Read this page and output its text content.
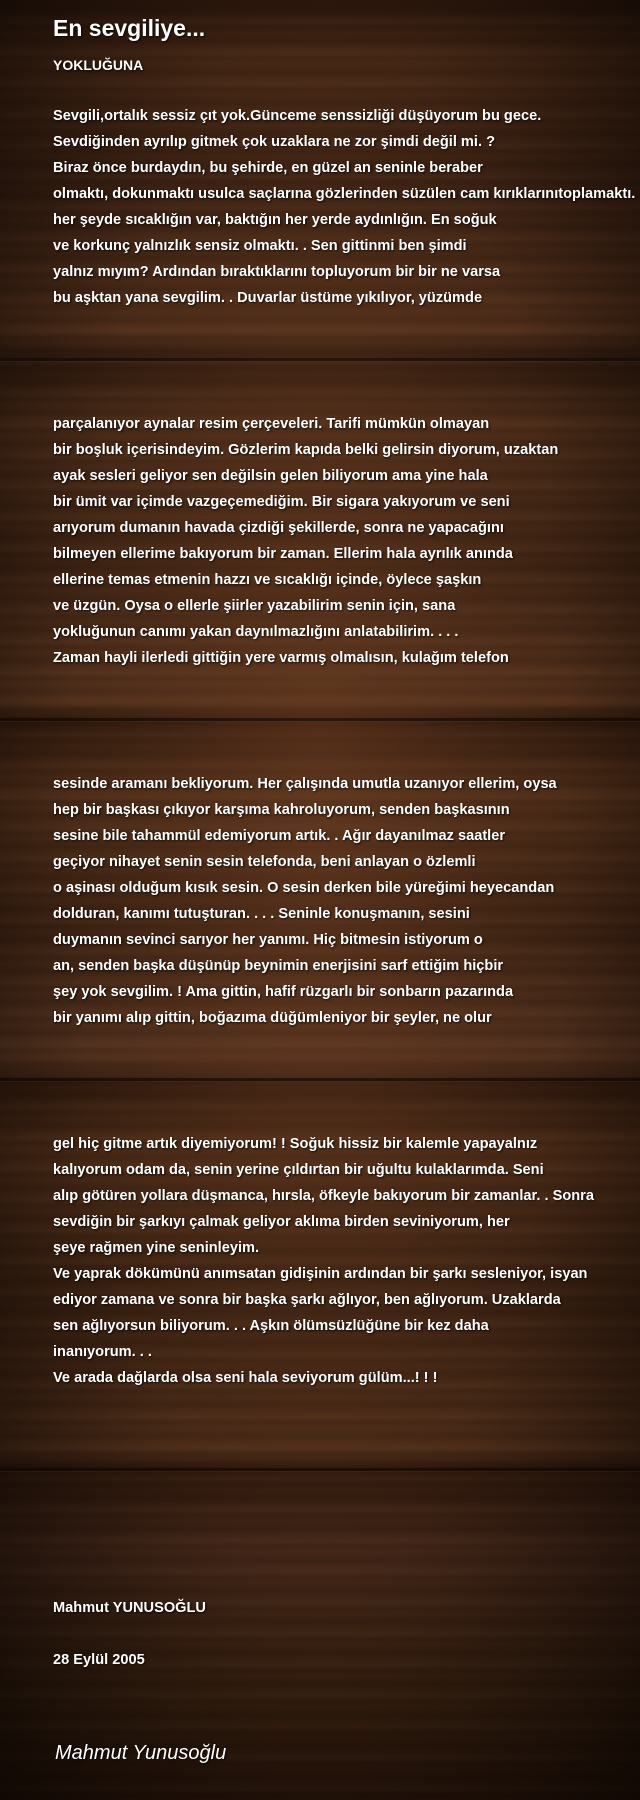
En sevgiliye...
YOKLUĞUNA
Sevgili,ortalık sessiz çıt yok.Günceme senssizliği düşüyorum bu gece.
Sevdiğinden ayrılıp gitmek çok uzaklara ne zor şimdi değil mi. ?
Biraz önce burdaydın, bu şehirde, en güzel an seninle beraber
olmaktı, dokunmaktı usulca saçlarına gözlerinden süzülen cam kırıklarınıtoplamaktı.
her şeyde sıcaklığın var, baktığın her yerde aydınlığın. En soğuk
ve korkunç yalnızlık sensiz olmaktı. . Sen gittinmi ben şimdi
yalnız mıyım? Ardından bıraktıklarını topluyorum bir bir ne varsa
bu aşktan yana sevgilim. . Duvarlar üstüme yıkılıyor, yüzümde
parçalanıyor aynalar resim çerçeveleri. Tarifi mümkün olmayan
bir boşluk içerisindeyim. Gözlerim kapıda belki gelirsin diyorum, uzaktan
ayak sesleri geliyor sen değilsin gelen biliyorum ama yine hala
bir ümit var içimde vazgeçemediğim. Bir sigara yakıyorum ve seni
arıyorum dumanın havada çizdiği şekillerde, sonra ne yapacağını
bilmeyen ellerime bakıyorum bir zaman. Ellerim hala ayrılık anında
ellerine temas etmenin hazzı ve sıcaklığı içinde, öylece şaşkın
ve üzgün. Oysa o ellerle şiirler yazabilirim senin için, sana
yokluğunun canımı yakan daynılmazlığını anlatabilirim. . . .
Zaman hayli ilerledi gittiğin yere varmış olmalısın, kulağım telefon
sesinde aramanı bekliyorum. Her çalışında umutla uzanıyor ellerim, oysa
hep bir başkası çıkıyor karşıma kahroluyorum, senden başkasının
sesine bile tahammül edemiyorum artık. . Ağır dayanılmaz saatler
geçiyor nihayet senin sesin telefonda, beni anlayan o özlemli
o aşinası olduğum kısık sesin. O sesin derken bile yüreğimi heyecandan
dolduran, kanımı tutuşturan. . . . Seninle konuşmanın, sesini
duymanın sevinci sarıyor her yanımı. Hiç bitmesin istiyorum o
an, senden başka düşünüp beynimin enerjisini sarf ettiğim hiçbir
şey yok sevgilim. ! Ama gittin, hafif rüzgarlı bir sonbarın pazarında
bir yanımı alıp gittin, boğazıma düğümleniyor bir şeyler, ne olur
gel hiç gitme artık diyemiyorum! ! Soğuk hissiz bir kalemle yapayalnız
kalıyorum odam da, senin yerine çıldırtan bir uğultu kulaklarımda. Seni
alıp götüren yollara düşmanca, hırsla, öfkeyle bakıyorum bir zamanlar. . Sonra
sevdiğin bir şarkıyı çalmak geliyor aklıma birden seviniyorum, her
şeye rağmen yine seninleyim.
Ve yaprak dökümünü anımsatan gidişinin ardından bir şarkı sesleniyor, isyan
ediyor zamana ve sonra bir başka şarkı ağlıyor, ben ağlıyorum. Uzaklarda
sen ağlıyorsun biliyorum. . . Aşkın ölümsüzlüğüne bir kez daha
inanıyorum. . .
Ve arada dağlarda olsa seni hala seviyorum gülüm...! ! !
Mahmut YUNUSOĞLU
28 Eylül 2005
Mahmut Yunusoğlu
